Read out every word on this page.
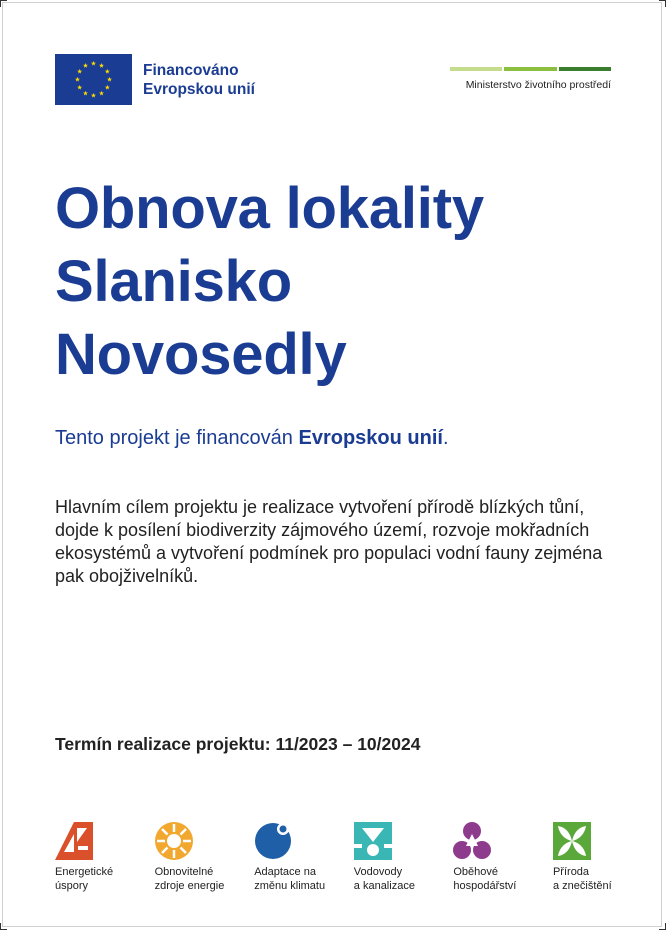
Financováno
Evropskou unií	Ministerstvo životního prostředí
Obnova lokality
Slanisko
Novosedly
Tento projekt je financován Evropskou unií.

Hlavním cílem projektu je realizace vytvoření přírodě blízkých tůní, dojde k posílení biodiverzity zájmového území, rozvoje mokřadních ekosystémů a vytvoření podmínek pro populaci vodní fauny zejména pak obojživelníků.

Termín realizace projektu: 11/2023 – 10/2024
Energetické
úspory
Obnovitelné
zdroje energie
Adaptace na
změnu klimatu
Vodovody
a kanalizace
Oběhové
hospodářství
Příroda
a znečištění
